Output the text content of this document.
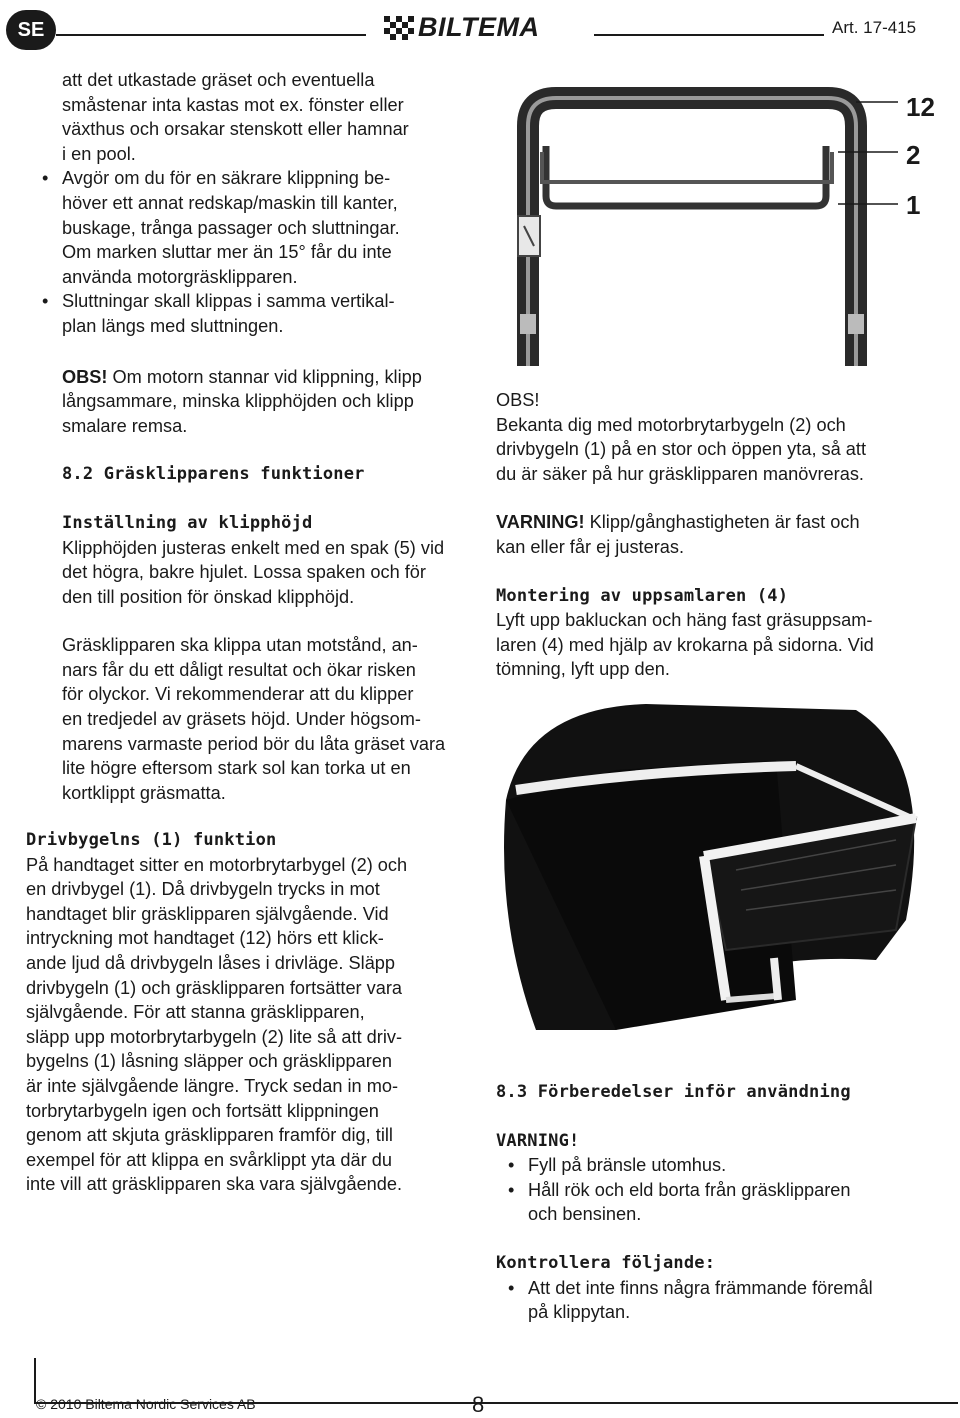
SE	BILTEMA	Art. 17-415

att det utkastade gräset och eventuella

småstenar inta kastas mot ex. fönster eller

växthus och orsakar stenskott eller hamnar

i en pool.

• Avgör om du för en säkrare klippning be-

höver ett annat redskap/maskin till kanter,

buskage, trånga passager och sluttningar.

Om marken sluttar mer än 15° får du inte

använda motorgräsklipparen.

• Sluttningar skall klippas i samma vertikal-

plan längs med sluttningen.

OBS! Om motorn stannar vid klippning, klipp

långsammare, minska klipphöjden och klipp

smalare remsa.

8.2 Gräsklipparens funktioner

Inställning av klipphöjd

Klipphöjden justeras enkelt med en spak (5) vid

det högra, bakre hjulet. Lossa spaken och för

den till position för önskad klipphöjd.

Gräsklipparen ska klippa utan motstånd, an-

nars får du ett dåligt resultat och ökar risken

för olyckor. Vi rekommenderar att du klipper

en tredjedel av gräsets höjd. Under högsom-

marens varmaste period bör du låta gräset vara

lite högre eftersom stark sol kan torka ut en

kortklippt gräsmatta.

Drivbygelns (1) funktion

På handtaget sitter en motorbrytarbygel (2) och

en drivbygel (1). Då drivbygeln trycks in mot

handtaget blir gräsklipparen självgående. Vid

intryckning mot handtaget (12) hörs ett klick-

ande ljud då drivbygeln låses i drivläge. Släpp

drivbygeln (1) och gräsklipparen fortsätter vara

självgående. För att stanna gräsklipparen,

släpp upp motorbrytarbygeln (2) lite så att driv-

bygelns (1) låsning släpper och gräsklipparen

är inte självgående längre. Tryck sedan in mo-

torbrytarbygeln igen och fortsätt klippningen

genom att skjuta gräsklipparen framför dig, till

exempel för att klippa en svårklippt yta där du

inte vill att gräsklipparen ska vara självgående.

12
2
1

OBS!

Bekanta dig med motorbrytarbygeln (2) och

drivbygeln (1) på en stor och öppen yta, så att

du är säker på hur gräsklipparen manövreras.

VARNING! Klipp/gånghastigheten är fast och

kan eller får ej justeras.

Montering av uppsamlaren (4)

Lyft upp bakluckan och häng fast gräsuppsam-

laren (4) med hjälp av krokarna på sidorna. Vid

tömning, lyft upp den.

8.3 Förberedelser inför användning

VARNING!

• Fyll på bränsle utomhus.

• Håll rök och eld borta från gräsklipparen

och bensinen.

Kontrollera följande:

• Att det inte finns några främmande föremål

på klippytan.

© 2010 Biltema Nordic Services AB	8
